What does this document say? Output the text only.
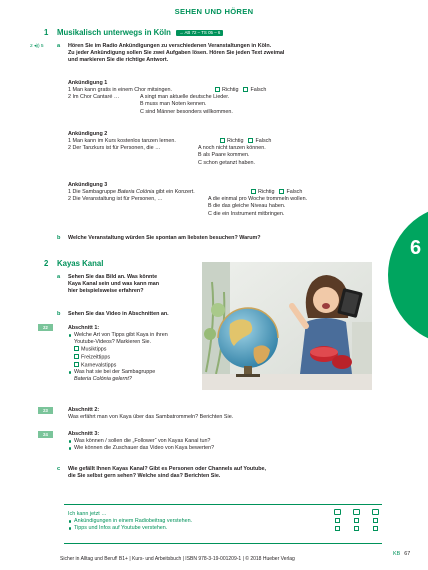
SEHEN UND HÖREN
1 Musikalisch unterwegs in Köln → AB 72 – TS 05 – 6
2 ◂)) 5 a Hören Sie im Radio Ankündigungen zu verschiedenen Veranstaltungen in Köln.

Zu jeder Ankündigung sollen Sie zwei Aufgaben lösen. Hören Sie jeden Text zweimal

und markieren Sie die richtige Antwort.

Ankündigung 1

1 Man kann gratis in einem Chor mitsingen.	Richtig Falsch
2 Im Chor Cantaré …	A singt man aktuelle deutsche Lieder.
B muss man Noten kennen.
C sind Männer besonders willkommen.

Ankündigung 2

1 Man kann im Kurs kostenlos tanzen lernen.	Richtig Falsch
2 Der Tanzkurs ist für Personen, die …	A noch nicht tanzen können.
B als Paare kommen.
C schon getanzt haben.

Ankündigung 3

1 Die Sambagruppe Bateria Colónia gibt ein Konzert.	Richtig Falsch
2 Die Veranstaltung ist für Personen, …	A die einmal pro Woche trommeln wollen.
B die das gleiche Niveau haben.
C die ein Instrument mitbringen.
b Welche Veranstaltung würden Sie spontan am liebsten besuchen? Warum?	6
2 Kayas Kanal
a Sehen Sie das Bild an. Was könnte

Kaya Kanal sein und was kann man

hier beispielsweise erfahren?

b Sehen Sie das Video in Abschnitten an.
22
23
24

Abschnitt 1:

Welche Art von Tipps gibt Kaya in ihren
Youtube-Videos? Markieren Sie.
Musiktipps
Freizeittipps
Karnevalstipps
Was hat sie bei der Sambagruppe
Bateria Colónia gelernt?

Abschnitt 2:

Was erfährt man von Kaya über das Sambatrommeln? Berichten Sie.

Abschnitt 3:

Was können / sollen die „Follower“ von Kayas Kanal tun?
Wie können die Zuschauer das Video von Kaya bewerten?
c Wie gefällt Ihnen Kayas Kanal? Gibt es Personen oder Channels auf Youtube,

die Sie selbst gern sehen? Welche sind das? Berichten Sie.

Ich kann jetzt …

Ankündigungen in einem Radiobeitrag verstehen.
Tipps und Infos auf Youtube verstehen.
KB 67
Sicher in Alltag und Beruf! B1+ | Kurs- und Arbeitsbuch | ISBN 978-3-19-001209-1 | © 2018 Hueber Verlag
